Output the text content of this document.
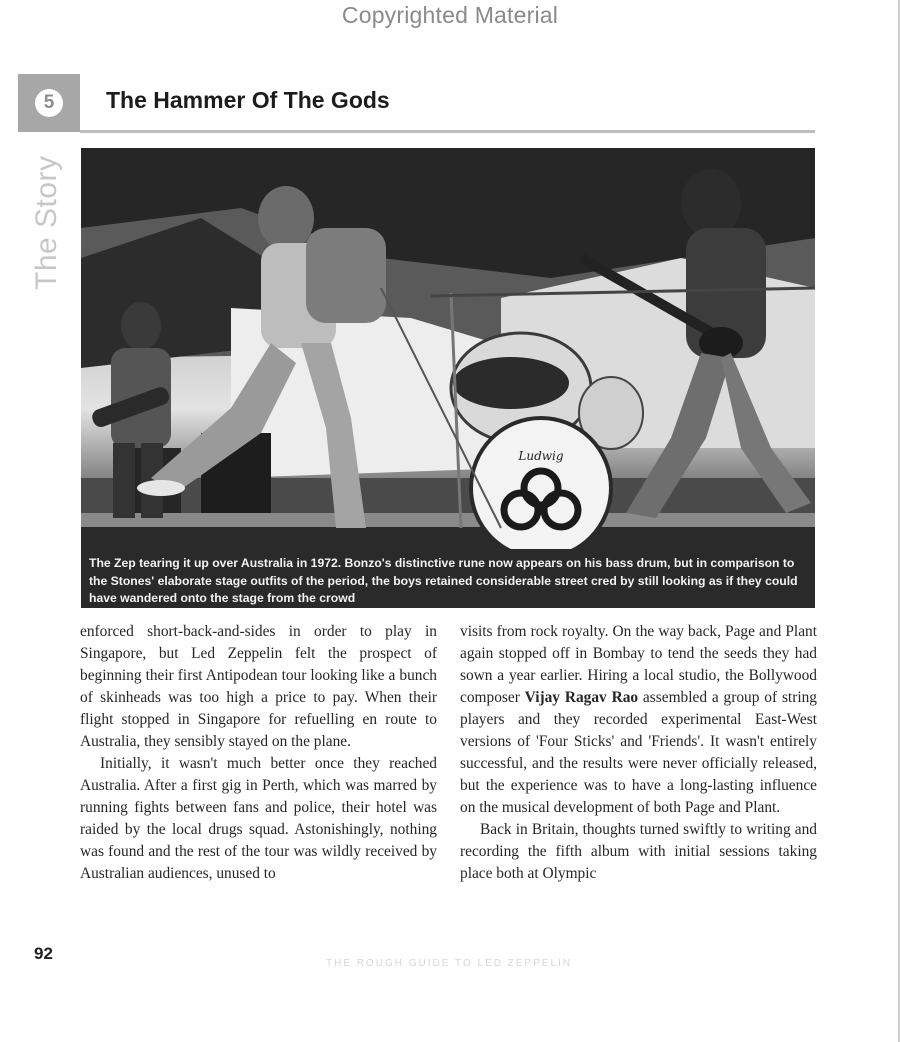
Copyrighted Material
5	The Hammer Of The Gods
The Story
Ludwig
The Zep tearing it up over Australia in 1972. Bonzo's distinctive rune now appears on his bass drum, but in comparison to the Stones' elaborate stage outfits of the period, the boys retained considerable street cred by still looking as if they could have wandered onto the stage from the crowd

enforced short-back-and-sides in order to play in Singapore, but Led Zeppelin felt the prospect of beginning their first Antipodean tour looking like a bunch of skinheads was too high a price to pay. When their flight stopped in Singapore for refuelling en route to Australia, they sensibly stayed on the plane.

Initially, it wasn't much better once they reached Australia. After a first gig in Perth, which was marred by running fights between fans and police, their hotel was raided by the local drugs squad. Astonishingly, nothing was found and the rest of the tour was wildly received by Australian audiences, unused to

visits from rock royalty. On the way back, Page and Plant again stopped off in Bombay to tend the seeds they had sown a year earlier. Hiring a local studio, the Bollywood composer Vijay Ragav Rao assembled a group of string players and they recorded experimental East-West versions of 'Four Sticks' and 'Friends'. It wasn't entirely successful, and the results were never officially released, but the experience was to have a long-lasting influence on the musical development of both Page and Plant.

Back in Britain, thoughts turned swiftly to writing and recording the fifth album with initial sessions taking place both at Olympic

92
THE ROUGH GUIDE TO LED ZEPPELIN
